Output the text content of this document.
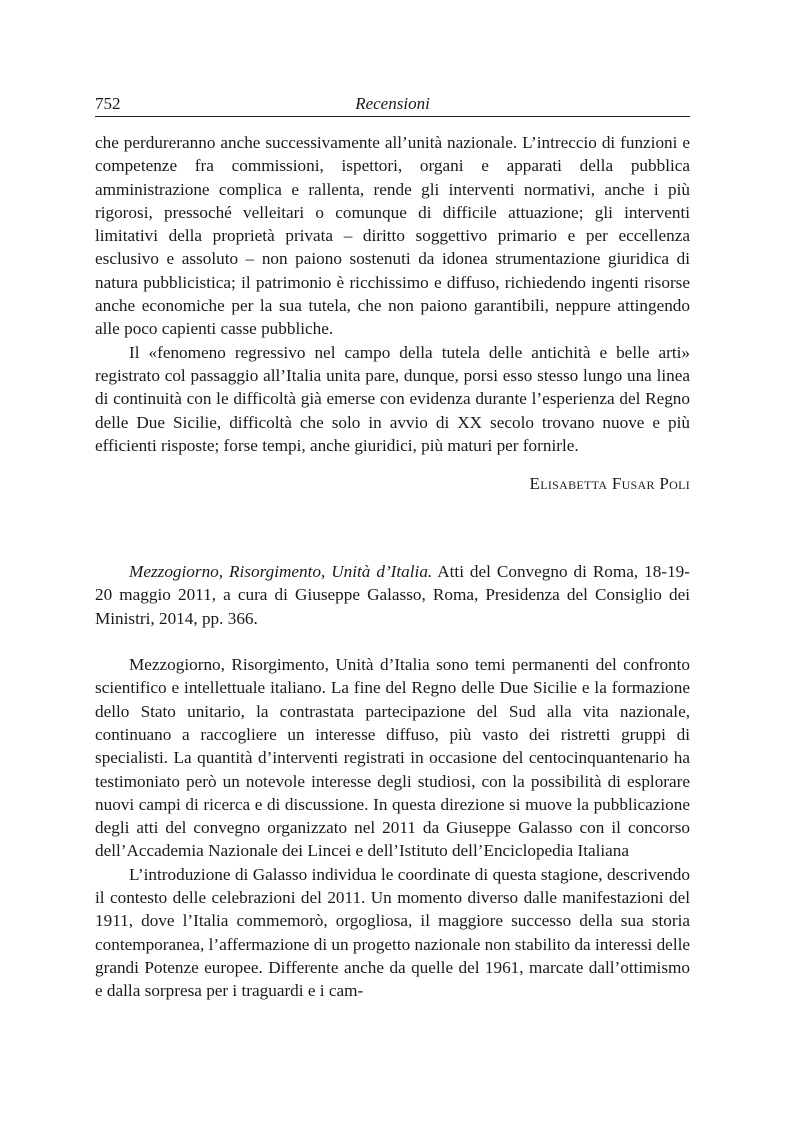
752	Recensioni

che perdureranno anche successivamente all’unità nazionale. L’intreccio di funzioni e competenze fra commissioni, ispettori, organi e apparati della pubblica amministrazione complica e rallenta, rende gli interventi normativi, anche i più rigorosi, pressoché velleitari o comunque di difficile attuazione; gli interventi limitativi della proprietà privata – diritto soggettivo primario e per eccellenza esclusivo e assoluto – non paiono sostenuti da idonea strumentazione giuridica di natura pubblicistica; il patrimonio è ricchissimo e diffuso, richiedendo ingenti risorse anche economiche per la sua tutela, che non paiono garantibili, neppure attingendo alle poco capienti casse pubbliche.

Il «fenomeno regressivo nel campo della tutela delle antichità e belle arti» registrato col passaggio all’Italia unita pare, dunque, porsi esso stesso lungo una linea di continuità con le difficoltà già emerse con evidenza durante l’esperienza del Regno delle Due Sicilie, difficoltà che solo in avvio di XX secolo trovano nuove e più efficienti risposte; forse tempi, anche giuridici, più maturi per fornirle.

Elisabetta Fusar Poli
Mezzogiorno, Risorgimento, Unità d’Italia. Atti del Convegno di Roma, 18-19-20 maggio 2011, a cura di Giuseppe Galasso, Roma, Presidenza del Consiglio dei Ministri, 2014, pp. 366.

Mezzogiorno, Risorgimento, Unità d’Italia sono temi permanenti del confronto scientifico e intellettuale italiano. La fine del Regno delle Due Sicilie e la formazione dello Stato unitario, la contrastata partecipazione del Sud alla vita nazionale, continuano a raccogliere un interesse diffuso, più vasto dei ristretti gruppi di specialisti. La quantità d’interventi registrati in occasione del centocinquantenario ha testimoniato però un notevole interesse degli studiosi, con la possibilità di esplorare nuovi campi di ricerca e di discussione. In questa direzione si muove la pubblicazione degli atti del convegno organizzato nel 2011 da Giuseppe Galasso con il concorso dell’Accademia Nazionale dei Lincei e dell’Istituto dell’Enciclopedia Italiana

L’introduzione di Galasso individua le coordinate di questa stagione, descrivendo il contesto delle celebrazioni del 2011. Un momento diverso dalle manifestazioni del 1911, dove l’Italia commemorò, orgogliosa, il maggiore successo della sua storia contemporanea, l’affermazione di un progetto nazionale non stabilito da interessi delle grandi Potenze europee. Differente anche da quelle del 1961, marcate dall’ottimismo e dalla sorpresa per i traguardi e i cam-
